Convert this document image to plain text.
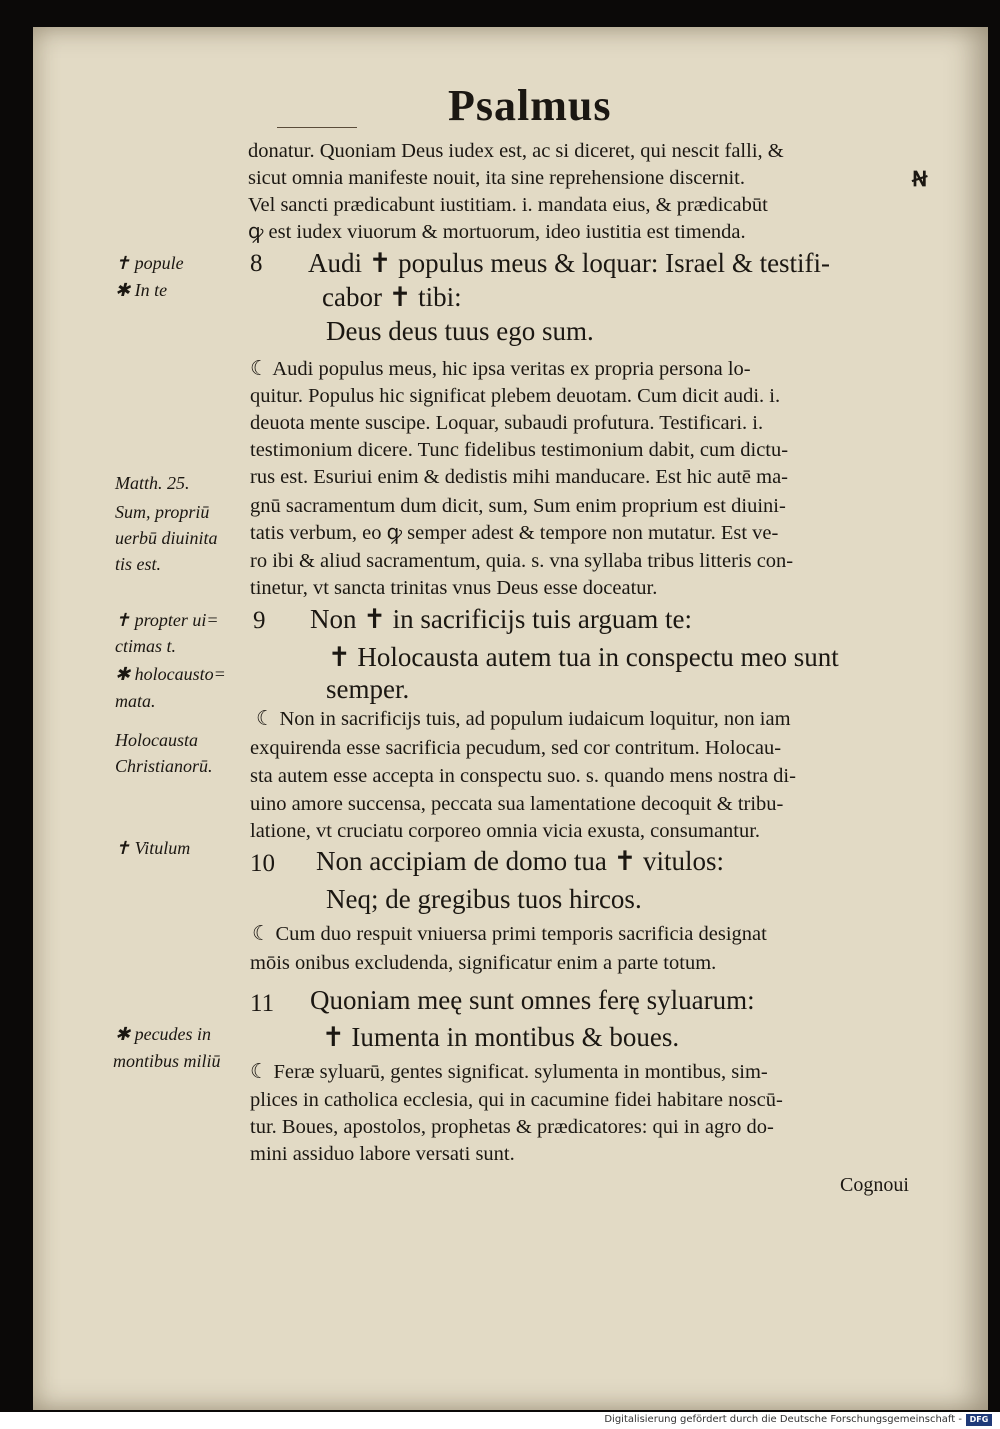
Psalmus
donatur. Quoniam Deus iudex est, ac si diceret, qui nescit falli, &
sicut omnia manifeste nouit, ita sine reprehensione discernit.	Ꞥ
Vel sancti prædicabunt iustitiam. i. mandata eius, & prædicabūt
ꝙ est iudex viuorum & mortuorum, ideo iustitia est timenda.
8 Audi ✝ populus meus & loquar: Israel & testifi-
cabor ✝ tibi:
Deus deus tuus ego sum.
☾ Audi populus meus, hic ipsa veritas ex propria persona lo-
quitur. Populus hic significat plebem deuotam. Cum dicit audi. i.
deuota mente suscipe. Loquar, subaudi profutura. Testificari. i.
testimonium dicere. Tunc fidelibus testimonium dabit, cum dictu-
rus est. Esuriui enim & dedistis mihi manducare. Est hic autē ma-
gnū sacramentum dum dicit, sum, Sum enim proprium est diuini-
tatis verbum, eo ꝙ semper adest & tempore non mutatur. Est ve-
ro ibi & aliud sacramentum, quia. s. vna syllaba tribus litteris con-
tinetur, vt sancta trinitas vnus Deus esse doceatur.
9 Non ✝ in sacrificijs tuis arguam te:
✝ Holocausta autem tua in conspectu meo sunt
semper.
☾ Non in sacrificijs tuis, ad populum iudaicum loquitur, non iam
exquirenda esse sacrificia pecudum, sed cor contritum. Holocau-
sta autem esse accepta in conspectu suo. s. quando mens nostra di-
uino amore succensa, peccata sua lamentatione decoquit & tribu-
latione, vt cruciatu corporeo omnia vicia exusta, consumantur.
10 Non accipiam de domo tua ✝ vitulos:
Neq; de gregibus tuos hircos.
☾ Cum duo respuit vniuersa primi temporis sacrificia designat
mōis onibus excludenda, significatur enim a parte totum.
11 Quoniam meę sunt omnes ferę syluarum:
✝ Iumenta in montibus & boues.
☾ Feræ syluarū, gentes significat. sylumenta in montibus, sim-
plices in catholica ecclesia, qui in cacumine fidei habitare noscū-
tur. Boues, apostolos, prophetas & prædicatores: qui in agro do-
mini assiduo labore versati sunt.
Cognoui
✝ popule
✱ In te
Matth. 25.
Sum, propriū
uerbū diuinita
tis est.
✝ propter ui=
ctimas t.
✱ holocausto=
mata.
Holocausta
Christianorū.
✝ Vitulum
✱ pecudes in
montibus miliū
Digitalisierung gefördert durch die Deutsche Forschungsgemeinschaft - DFG
